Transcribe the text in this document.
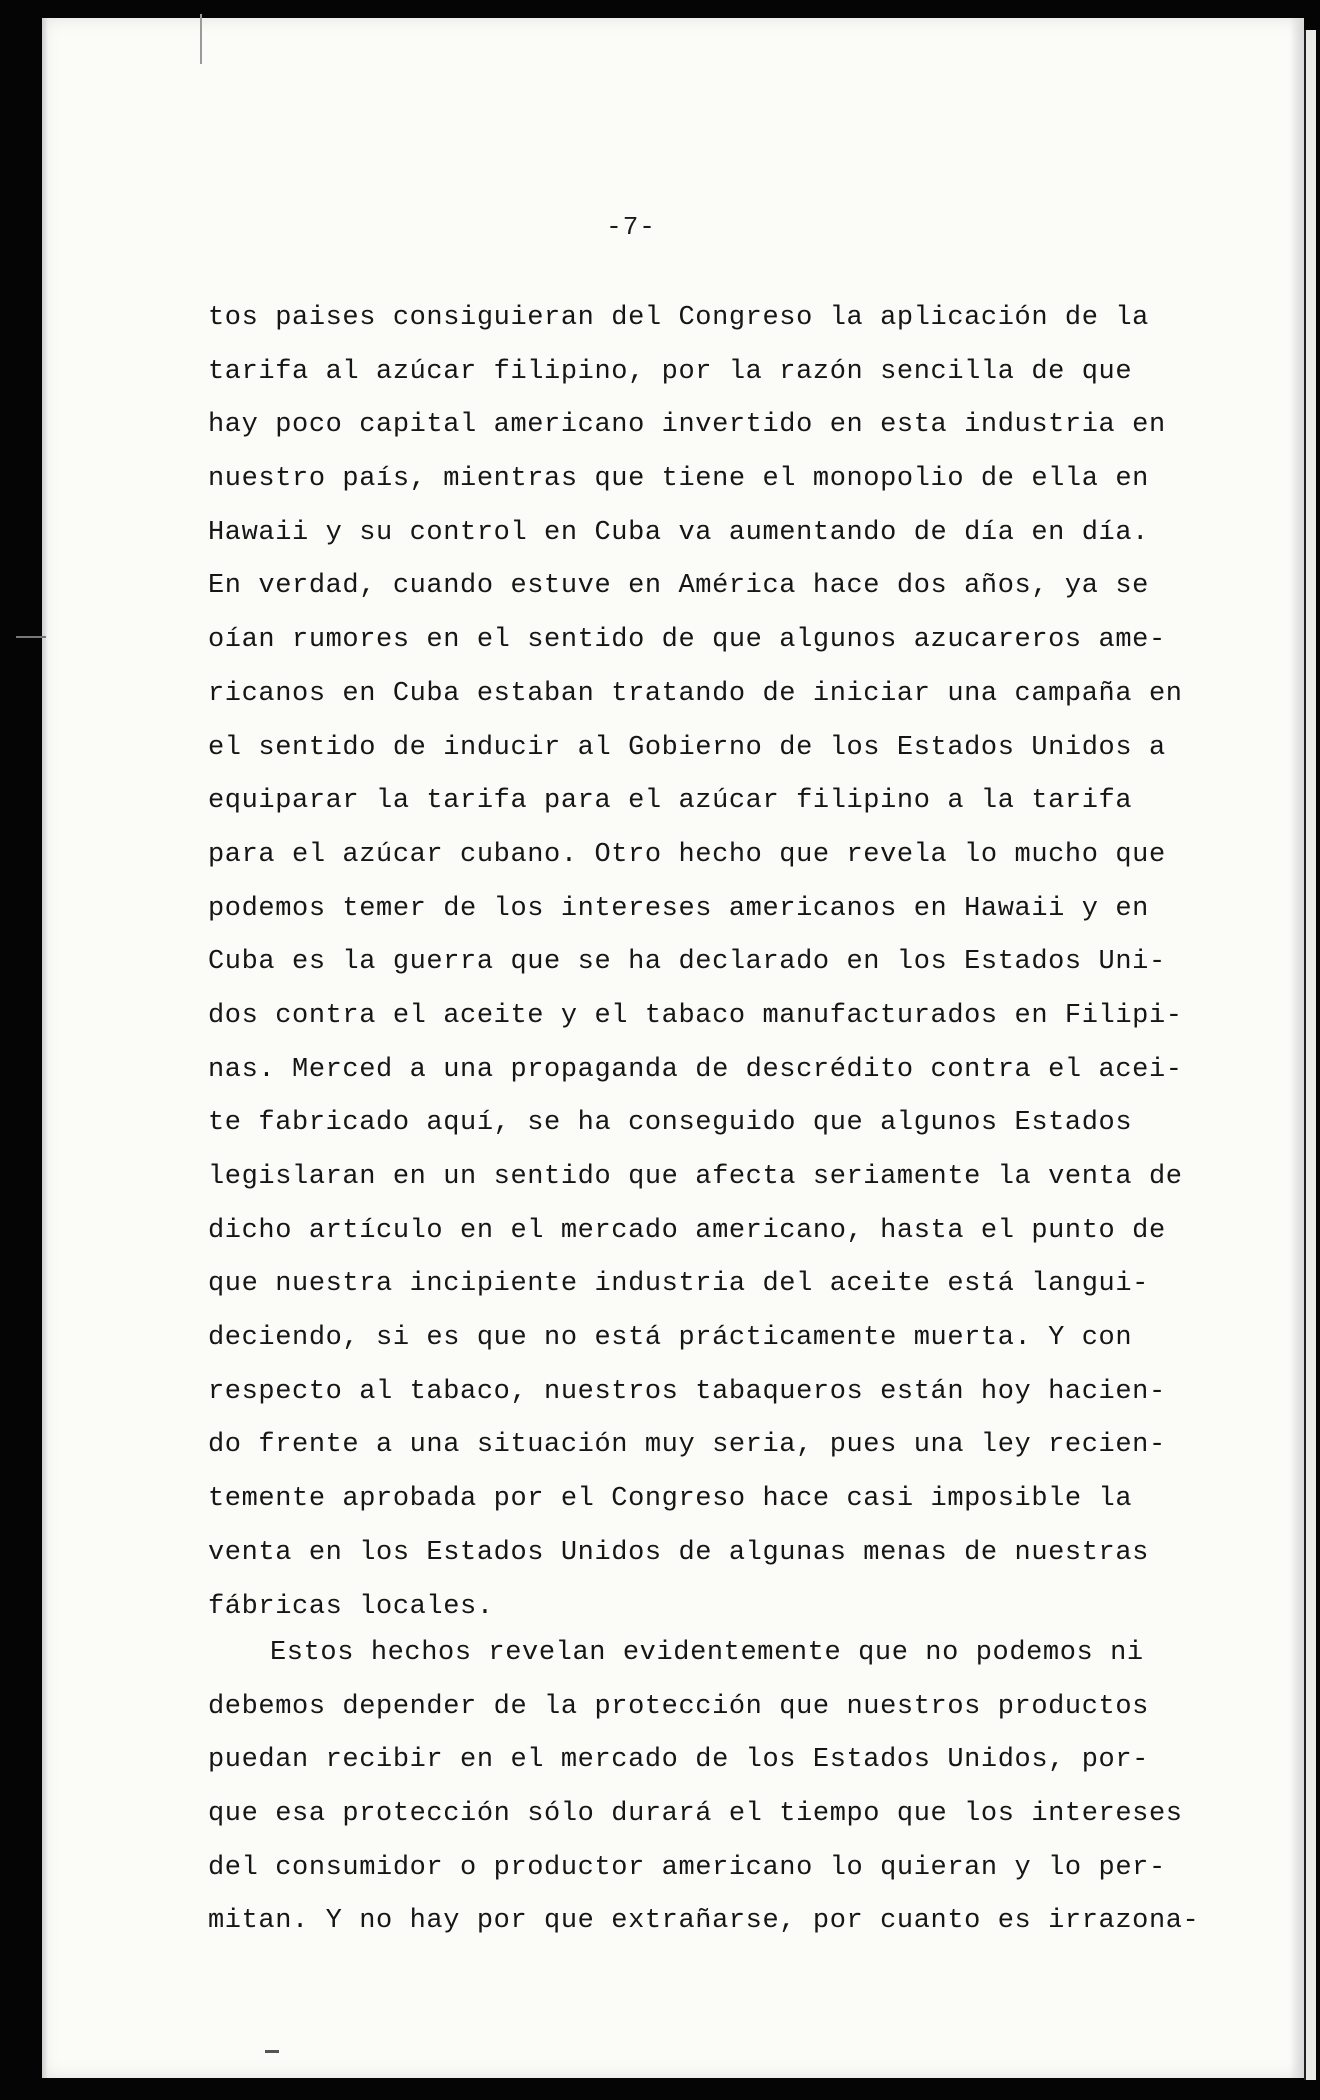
-7-
tos paises consiguieran del Congreso la aplicación de la
tarifa al azúcar filipino, por la razón sencilla de que
hay poco capital americano invertido en esta industria en
nuestro país, mientras que tiene el monopolio de ella en
Hawaii y su control en Cuba va aumentando de día en día.
En verdad, cuando estuve en América hace dos años, ya se
oían rumores en el sentido de que algunos azucareros ame-
ricanos en Cuba estaban tratando de iniciar una campaña en
el sentido de inducir al Gobierno de los Estados Unidos a
equiparar la tarifa para el azúcar filipino a la tarifa
para el azúcar cubano. Otro hecho que revela lo mucho que
podemos temer de los intereses americanos en Hawaii y en
Cuba es la guerra que se ha declarado en los Estados Uni-
dos contra el aceite y el tabaco manufacturados en Filipi-
nas. Merced a una propaganda de descrédito contra el acei-
te fabricado aquí, se ha conseguido que algunos Estados
legislaran en un sentido que afecta seriamente la venta de
dicho artículo en el mercado americano, hasta el punto de
que nuestra incipiente industria del aceite está langui-
deciendo, si es que no está prácticamente muerta. Y con
respecto al tabaco, nuestros tabaqueros están hoy hacien-
do frente a una situación muy seria, pues una ley recien-
temente aprobada por el Congreso hace casi imposible la
venta en los Estados Unidos de algunas menas de nuestras
fábricas locales.
Estos hechos revelan evidentemente que no podemos ni
debemos depender de la protección que nuestros productos
puedan recibir en el mercado de los Estados Unidos, por-
que esa protección sólo durará el tiempo que los intereses
del consumidor o productor americano lo quieran y lo per-
mitan. Y no hay por que extrañarse, por cuanto es irrazona-
